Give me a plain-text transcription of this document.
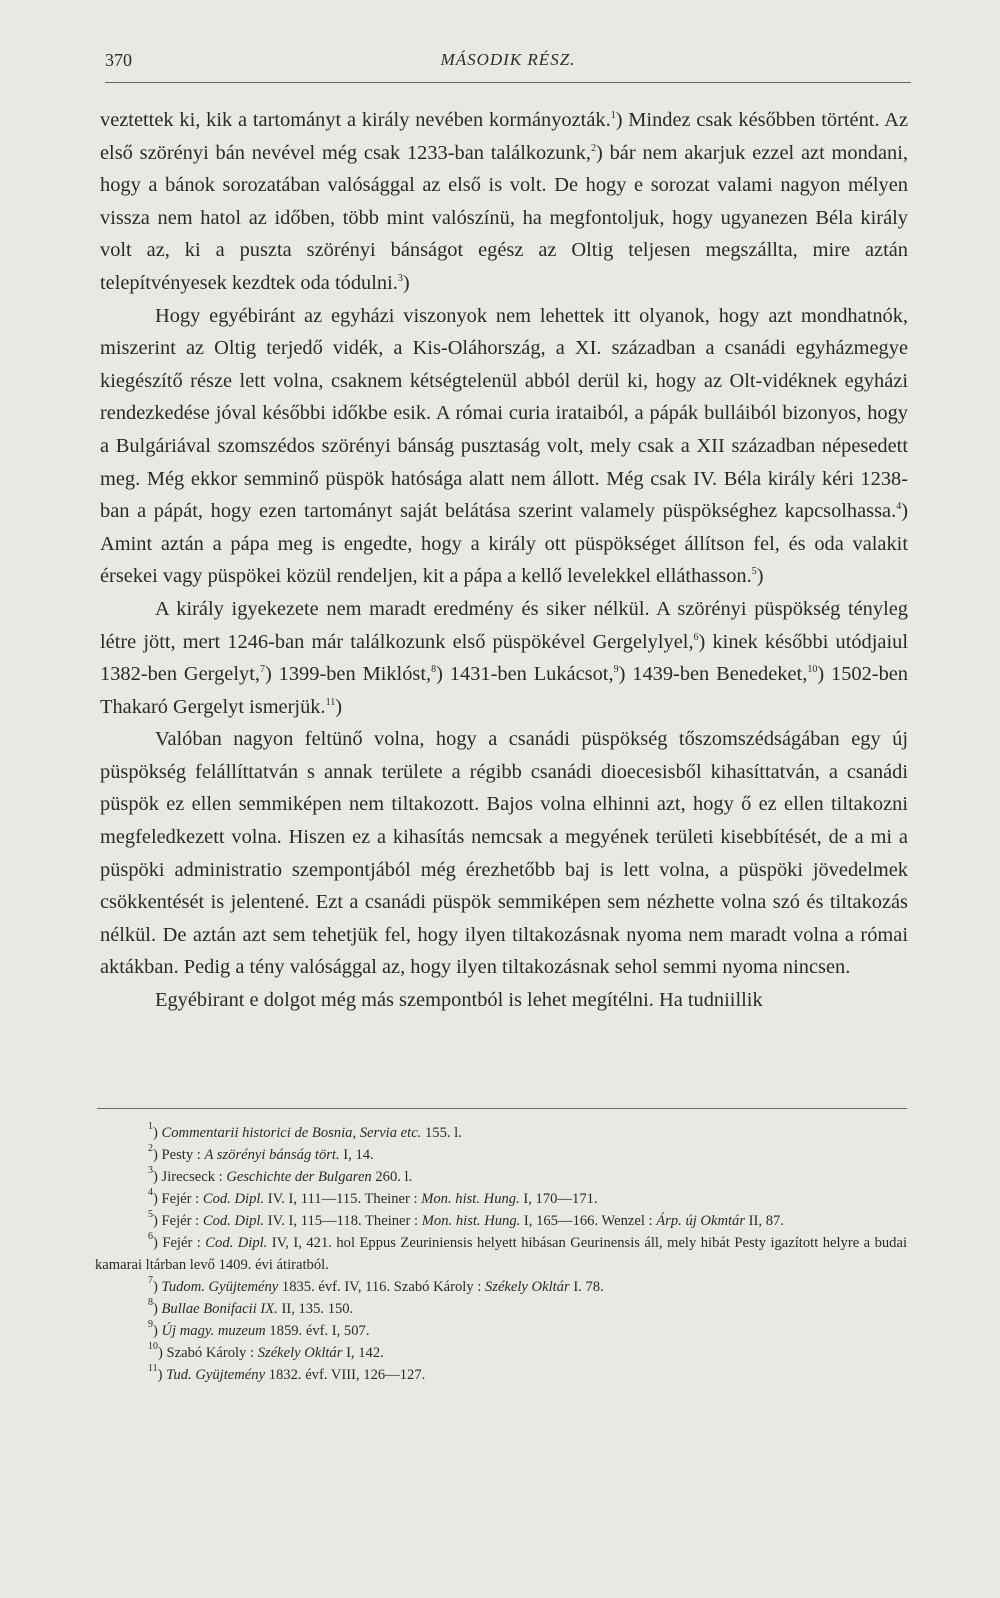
370	MÁSODIK RÉSZ.

veztettek ki, kik a tartományt a király nevében kormányozták.$^1$) Mindez csak későbben történt. Az első szörényi bán nevével még csak 1233-ban találkozunk,$^2$) bár nem akarjuk ezzel azt mondani, hogy a bánok sorozatában valósággal az első is volt. De hogy e sorozat valami nagyon mélyen vissza nem hatol az időben, több mint valószínü, ha megfontoljuk, hogy ugyanezen Béla király volt az, ki a puszta szörényi bánságot egész az Oltig teljesen megszállta, mire aztán telepítvényesek kezdtek oda tódulni.$^3$)

Hogy egyébiránt az egyházi viszonyok nem lehettek itt olyanok, hogy azt mondhatnók, miszerint az Oltig terjedő vidék, a Kis-Oláhország, a XI. században a csanádi egyházmegye kiegészítő része lett volna, csaknem kétségtelenül abból derül ki, hogy az Olt-vidéknek egyházi rendezkedése jóval későbbi időkbe esik. A római curia irataiból, a pápák bulláiból bizonyos, hogy a Bulgáriával szomszédos szörényi bánság pusztaság volt, mely csak a XII században népesedett meg. Még ekkor semminő püspök hatósága alatt nem állott. Még csak IV. Béla király kéri 1238-ban a pápát, hogy ezen tartományt saját belátása szerint valamely püspökséghez kapcsolhassa.$^4$) Amint aztán a pápa meg is engedte, hogy a király ott püspökséget állítson fel, és oda valakit érsekei vagy püspökei közül rendeljen, kit a pápa a kellő levelekkel elláthasson.$^5$)

A király igyekezete nem maradt eredmény és siker nélkül. A szörényi püspökség tényleg létre jött, mert 1246-ban már találkozunk első püspökével Gergelylyel,$^6$) kinek későbbi utódjaiul 1382-ben Gergelyt,$^7$) 1399-ben Miklóst,$^8$) 1431-ben Lukácsot,$^9$) 1439-ben Benedeket,$^{10}$) 1502-ben Thakaró Gergelyt ismerjük.$^{11}$)

Valóban nagyon feltünő volna, hogy a csanádi püspökség tőszomszédságában egy új püspökség felállíttatván s annak területe a régibb csanádi dioecesisből kihasíttatván, a csanádi püspök ez ellen semmiképen nem tiltakozott. Bajos volna elhinni azt, hogy ő ez ellen tiltakozni megfeledkezett volna. Hiszen ez a kihasítás nemcsak a megyének területi kisebbítését, de a mi a püspöki administratio szempontjából még érezhetőbb baj is lett volna, a püspöki jövedelmek csökkentését is jelentené. Ezt a csanádi püspök semmiképen sem nézhette volna szó és tiltakozás nélkül. De aztán azt sem tehetjük fel, hogy ilyen tiltakozásnak nyoma nem maradt volna a római aktákban. Pedig a tény valósággal az, hogy ilyen tiltakozásnak sehol semmi nyoma nincsen.

Egyébirant e dolgot még más szempontból is lehet megítélni. Ha tudniillik

$^1$) Commentarii historici de Bosnia, Servia etc. 155. l.

$^2$) Pesty : A szörényi bánság tört. I, 14.

$^3$) Jirecseck : Geschichte der Bulgaren 260. l.

$^4$) Fejér : Cod. Dipl. IV. I, 111—115. Theiner : Mon. hist. Hung. I, 170—171.

$^5$) Fejér : Cod. Dipl. IV. I, 115—118. Theiner : Mon. hist. Hung. I, 165—166. Wenzel : Árp. új Okmtár II, 87.

$^6$) Fejér : Cod. Dipl. IV, I, 421. hol Eppus Zeuriniensis helyett hibásan Geurinensis áll, mely hibát Pesty igazított helyre a budai kamarai ltárban levő 1409. évi átiratból.

$^7$) Tudom. Gyüjtemény 1835. évf. IV, 116. Szabó Károly : Székely Okltár I. 78.

$^8$) Bullae Bonifacii IX. II, 135. 150.

$^9$) Új magy. muzeum 1859. évf. I, 507.

$^{10}$) Szabó Károly : Székely Okltár I, 142.

$^{11}$) Tud. Gyüjtemény 1832. évf. VIII, 126—127.
